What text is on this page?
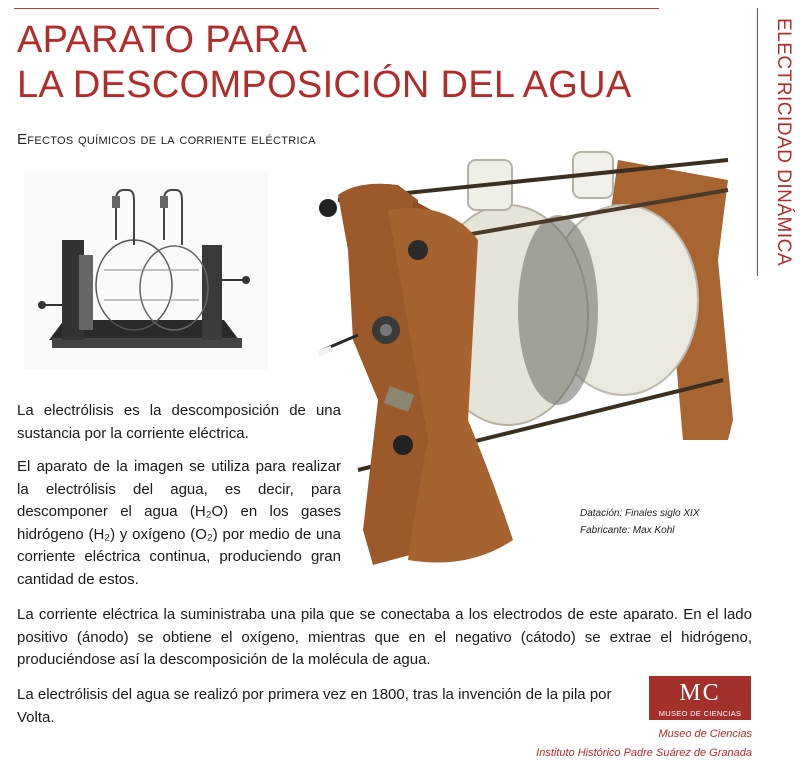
ELECTRICIDAD DINÁMICA
APARATO PARA
LA DESCOMPOSICIÓN DEL AGUA
Efectos químicos de la corriente eléctrica

La electrólisis es la descomposición de una sustancia por la corriente eléctrica.

El aparato de la imagen se utiliza para realizar la electrólisis del agua, es decir, para descomponer el agua (H₂O) en los gases hidrógeno (H₂) y oxígeno (O₂) por medio de una corriente eléctrica continua, produciendo gran cantidad de estos.

La corriente eléctrica la suministraba una pila que se conectaba a los electrodos de este aparato. En el lado positivo (ánodo) se obtiene el oxígeno, mientras que en el negativo (cátodo) se extrae el hidrógeno, produciéndose así la descomposición de la molécula de agua.

La electrólisis del agua se realizó por primera vez en 1800, tras la invención de la pila por Volta.

Datación: Finales siglo XIX
Fabricante: Max Kohl
MC
MUSEO DE CIENCIAS
Museo de Ciencias
Instituto Histórico Padre Suárez de Granada
